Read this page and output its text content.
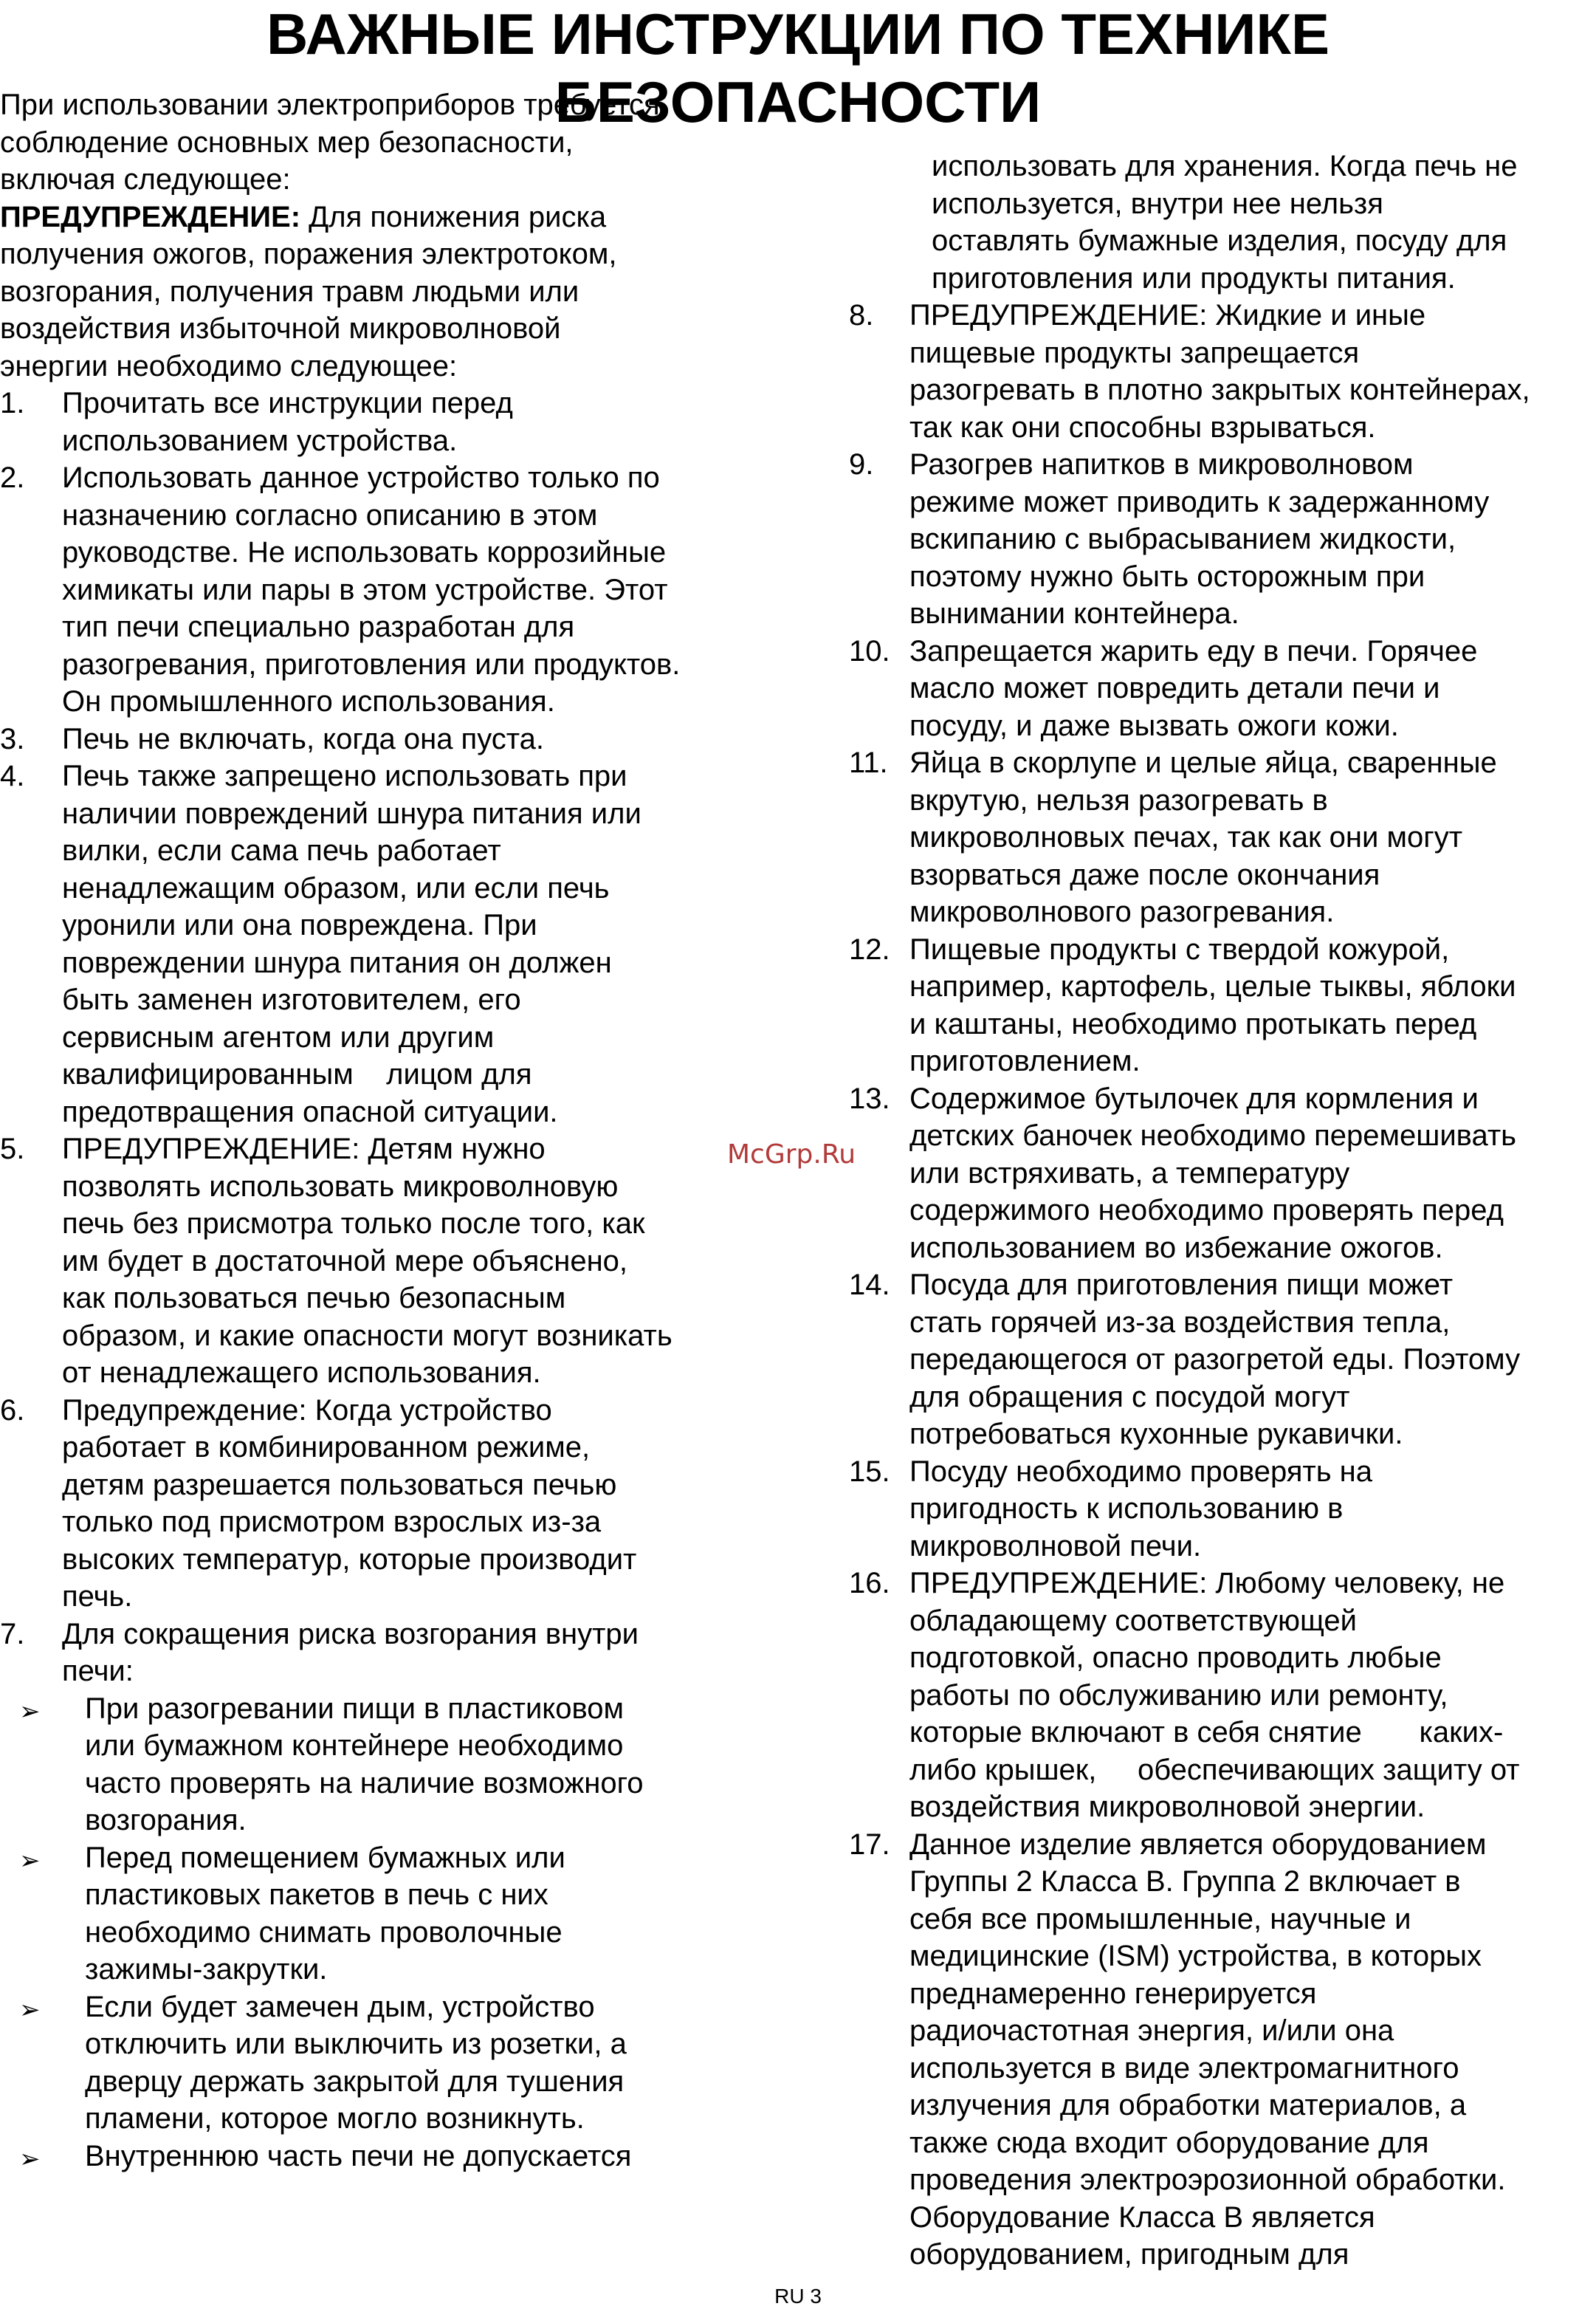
ВАЖНЫЕ ИНСТРУКЦИИ ПО ТЕХНИКЕ
БЕЗОПАСНОСТИ
При использовании электроприборов требуется
соблюдение основных мер безопасности,
включая следующее:
ПРЕДУПРЕЖДЕНИЕ: Для понижения риска
получения ожогов, поражения электротоком,
возгорания, получения травм людьми или
воздействия избыточной микроволновой
энергии необходимо следующее:
1. Прочитать все инструкции перед
использованием устройства.
2. Использовать данное устройство только по
назначению согласно описанию в этом
руководстве. Не использовать коррозийные
химикаты или пары в этом устройстве. Этот
тип печи специально разработан для
разогревания, приготовления или продуктов.
Он промышленного использования.
3. Печь не включать, когда она пуста.
4. Печь также запрещено использовать при
наличии повреждений шнура питания или
вилки, если сама печь работает
ненадлежащим образом, или если печь
уронили или она повреждена. При
повреждении шнура питания он должен
быть заменен изготовителем, его
сервисным агентом или другим
квалифицированным    лицом для
предотвращения опасной ситуации.
5. ПРЕДУПРЕЖДЕНИЕ: Детям нужно
позволять использовать микроволновую
печь без присмотра только после того, как
им будет в достаточной мере объяснено,
как пользоваться печью безопасным
образом, и какие опасности могут возникать
от ненадлежащего использования.
6. Предупреждение: Когда устройство
работает в комбинированном режиме,
детям разрешается пользоваться печью
только под присмотром взрослых из-за
высоких температур, которые производит
печь.
7. Для сокращения риска возгорания внутри
печи:
➢ При разогревании пищи в пластиковом
или бумажном контейнере необходимо
часто проверять на наличие возможного
возгорания.
➢ Перед помещением бумажных или
пластиковых пакетов в печь с них
необходимо снимать проволочные
зажимы-закрутки.
➢ Если будет замечен дым, устройство
отключить или выключить из розетки, а
дверцу держать закрытой для тушения
пламени, которое могло возникнуть.
➢ Внутреннюю часть печи не допускается
использовать для хранения. Когда печь не
используется, внутри нее нельзя
оставлять бумажные изделия, посуду для
приготовления или продукты питания.
8. ПРЕДУПРЕЖДЕНИЕ: Жидкие и иные
пищевые продукты запрещается
разогревать в плотно закрытых контейнерах,
так как они способны взрываться.
9. Разогрев напитков в микроволновом
режиме может приводить к задержанному
вскипанию с выбрасыванием жидкости,
поэтому нужно быть осторожным при
вынимании контейнера.
10. Запрещается жарить еду в печи. Горячее
масло может повредить детали печи и
посуду, и даже вызвать ожоги кожи.
11. Яйца в скорлупе и целые яйца, сваренные
вкрутую, нельзя разогревать в
микроволновых печах, так как они могут
взорваться даже после окончания
микроволнового разогревания.
12. Пищевые продукты с твердой кожурой,
например, картофель, целые тыквы, яблоки
и каштаны, необходимо протыкать перед
приготовлением.
13. Содержимое бутылочек для кормления и
детских баночек необходимо перемешивать
или встряхивать, а температуру
содержимого необходимо проверять перед
использованием во избежание ожогов.
14. Посуда для приготовления пищи может
стать горячей из-за воздействия тепла,
передающегося от разогретой еды. Поэтому
для обращения с посудой могут
потребоваться кухонные рукавички.
15. Посуду необходимо проверять на
пригодность к использованию в
микроволновой печи.
16. ПРЕДУПРЕЖДЕНИЕ: Любому человеку, не
обладающему соответствующей
подготовкой, опасно проводить любые
работы по обслуживанию или ремонту,
которые включают в себя снятие       каких-
либо крышек,     обеспечивающих защиту от
воздействия микроволновой энергии.
17. Данное изделие является оборудованием
Группы 2 Класса В. Группа 2 включает в
себя все промышленные, научные и
медицинские (ISM) устройства, в которых
преднамеренно генерируется
радиочастотная энергия, и/или она
используется в виде электромагнитного
излучения для обработки материалов, а
также сюда входит оборудование для
проведения электроэрозионной обработки.
Оборудование Класса В является
оборудованием, пригодным для
McGrp.Ru
RU 3
